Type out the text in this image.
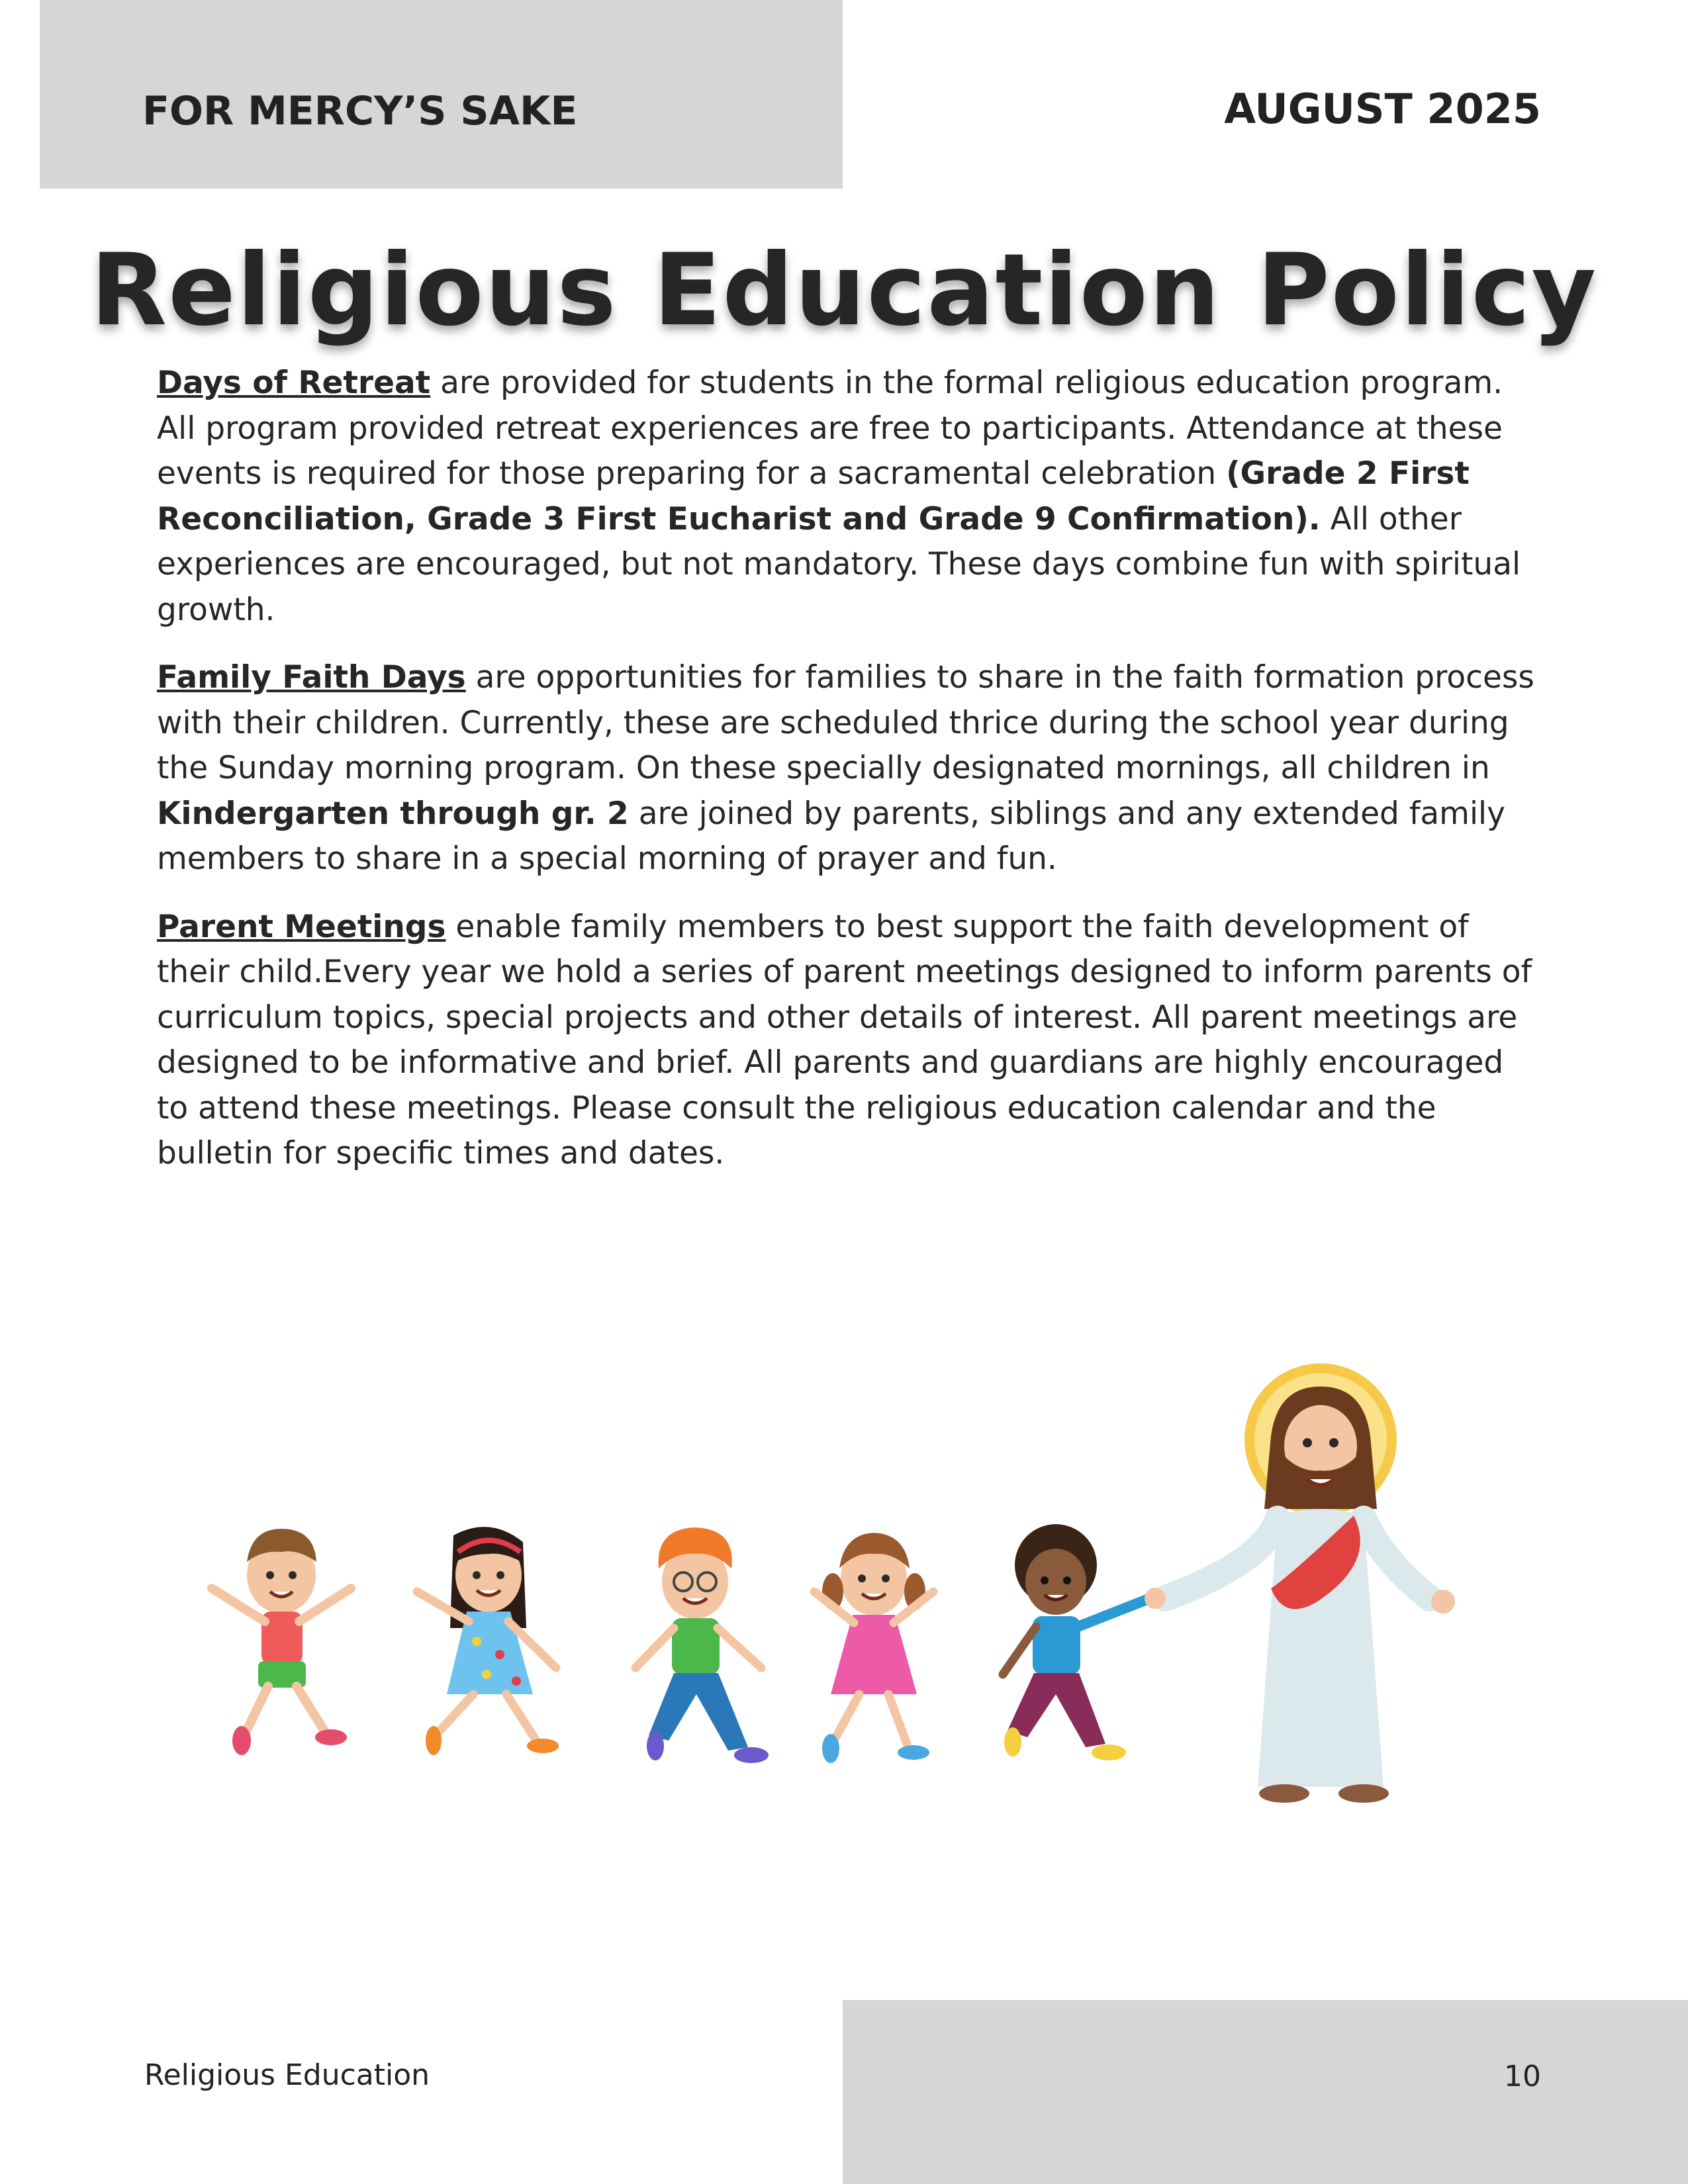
FOR MERCY’S SAKE	AUGUST 2025
Religious Education Policy

Days of Retreat are provided for students in the formal religious education program. All program provided retreat experiences are free to participants. Attendance at these events is required for those preparing for a sacramental celebration (Grade 2 First Reconciliation, Grade 3 First Eucharist and Grade 9 Confirmation). All other experiences are encouraged, but not mandatory. These days combine fun with spiritual growth.

Family Faith Days are opportunities for families to share in the faith formation process with their children. Currently, these are scheduled thrice during the school year during the Sunday morning program. On these specially designated mornings, all children in Kindergarten through gr. 2 are joined by parents, siblings and any extended family members to share in a special morning of prayer and fun.

Parent Meetings enable family members to best support the faith development of their child.Every year we hold a series of parent meetings designed to inform parents of curriculum topics, special projects and other details of interest. All parent meetings are designed to be informative and brief. All parents and guardians are highly encouraged to attend these meetings. Please consult the religious education calendar and the bulletin for specific times and dates.

Religious Education	10
